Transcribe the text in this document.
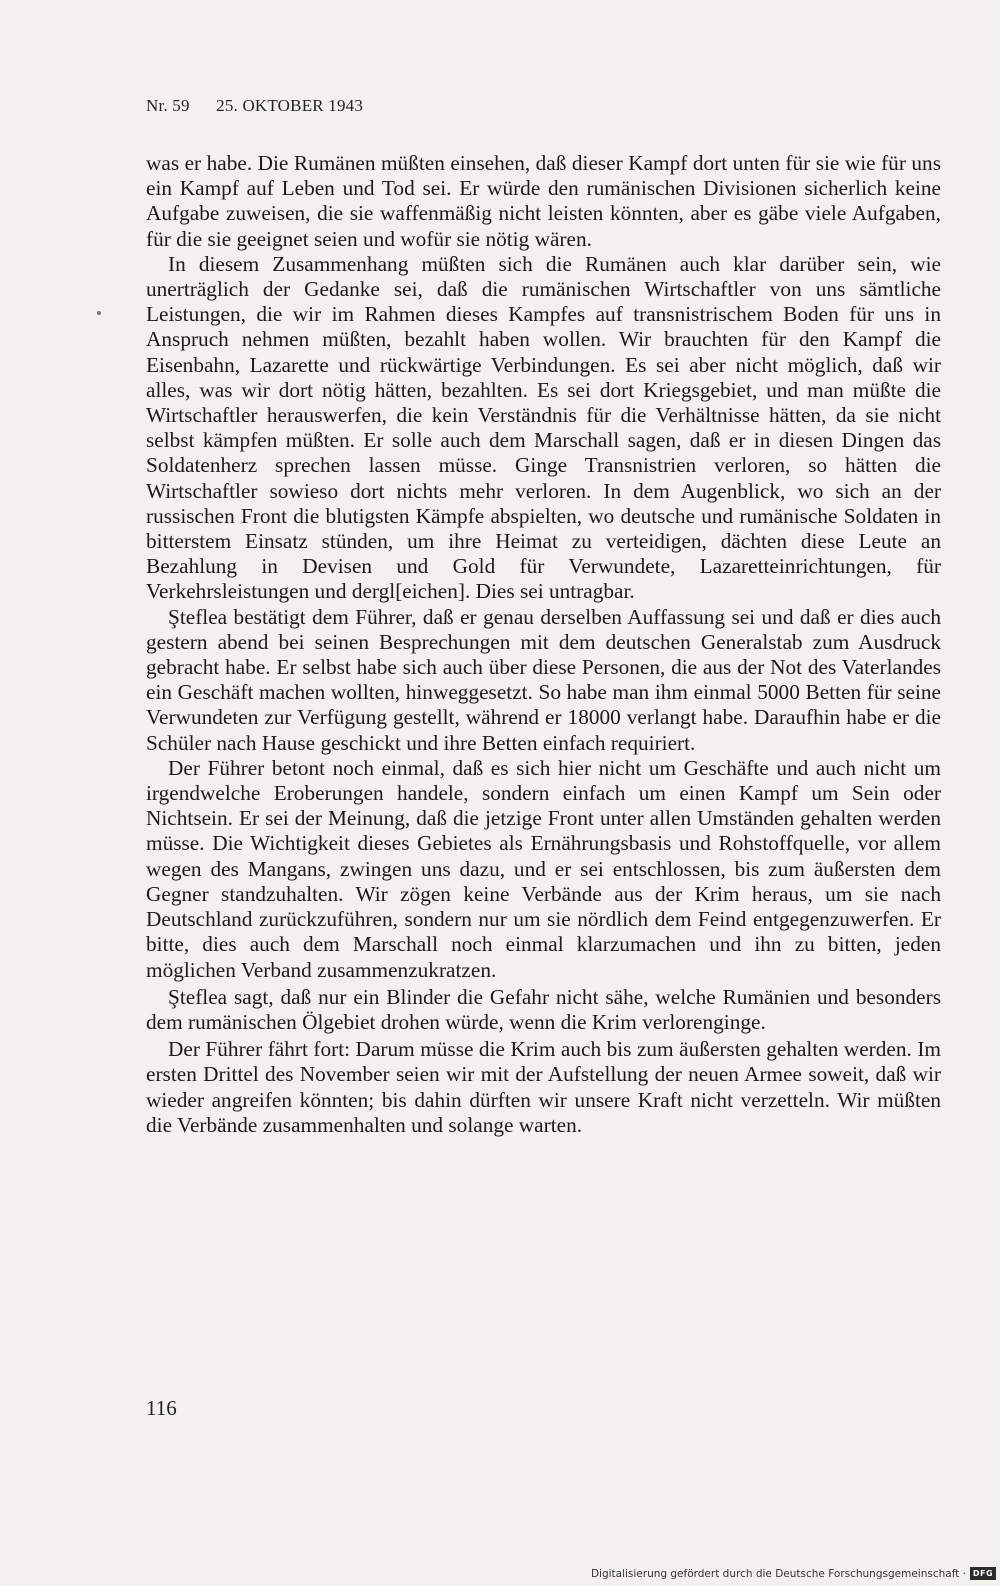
Nr. 59 25. OKTOBER 1943

was er habe. Die Rumänen müßten einsehen, daß dieser Kampf dort unten für sie wie für uns ein Kampf auf Leben und Tod sei. Er würde den rumänischen Divisionen sicherlich keine Aufgabe zuweisen, die sie waffenmäßig nicht leisten könnten, aber es gäbe viele Aufgaben, für die sie geeignet seien und wofür sie nötig wären.

In diesem Zusammenhang müßten sich die Rumänen auch klar darüber sein, wie unerträglich der Gedanke sei, daß die rumänischen Wirtschaftler von uns sämtliche Leistungen, die wir im Rahmen dieses Kampfes auf transnistrischem Boden für uns in Anspruch nehmen müßten, bezahlt haben wollen. Wir brauchten für den Kampf die Eisenbahn, Lazarette und rückwärtige Verbindungen. Es sei aber nicht möglich, daß wir alles, was wir dort nötig hätten, bezahlten. Es sei dort Kriegsgebiet, und man müßte die Wirtschaftler herauswerfen, die kein Verständnis für die Verhältnisse hätten, da sie nicht selbst kämpfen müßten. Er solle auch dem Marschall sagen, daß er in diesen Dingen das Soldatenherz sprechen lassen müsse. Ginge Transnistrien verloren, so hätten die Wirtschaftler sowieso dort nichts mehr verloren. In dem Augenblick, wo sich an der russischen Front die blutigsten Kämpfe abspielten, wo deutsche und rumänische Soldaten in bitterstem Einsatz stünden, um ihre Heimat zu verteidigen, dächten diese Leute an Bezahlung in Devisen und Gold für Verwundete, Lazaretteinrichtungen, für Verkehrsleistungen und dergl[eichen]. Dies sei untragbar.

Şteflea bestätigt dem Führer, daß er genau derselben Auffassung sei und daß er dies auch gestern abend bei seinen Besprechungen mit dem deutschen Generalstab zum Ausdruck gebracht habe. Er selbst habe sich auch über diese Personen, die aus der Not des Vaterlandes ein Geschäft machen wollten, hinweggesetzt. So habe man ihm einmal 5000 Betten für seine Verwundeten zur Verfügung gestellt, während er 18000 verlangt habe. Daraufhin habe er die Schüler nach Hause geschickt und ihre Betten einfach requiriert.

Der Führer betont noch einmal, daß es sich hier nicht um Geschäfte und auch nicht um irgendwelche Eroberungen handele, sondern einfach um einen Kampf um Sein oder Nichtsein. Er sei der Meinung, daß die jetzige Front unter allen Umständen gehalten werden müsse. Die Wichtigkeit dieses Gebietes als Ernährungsbasis und Rohstoffquelle, vor allem wegen des Mangans, zwingen uns dazu, und er sei entschlossen, bis zum äußersten dem Gegner standzuhalten. Wir zögen keine Verbände aus der Krim heraus, um sie nach Deutschland zurückzuführen, sondern nur um sie nördlich dem Feind entgegenzuwerfen. Er bitte, dies auch dem Marschall noch einmal klarzumachen und ihn zu bitten, jeden möglichen Verband zusammenzukratzen.

Şteflea sagt, daß nur ein Blinder die Gefahr nicht sähe, welche Rumänien und besonders dem rumänischen Ölgebiet drohen würde, wenn die Krim verlorenginge.

Der Führer fährt fort: Darum müsse die Krim auch bis zum äußersten gehalten werden. Im ersten Drittel des November seien wir mit der Aufstellung der neuen Armee soweit, daß wir wieder angreifen könnten; bis dahin dürften wir unsere Kraft nicht verzetteln. Wir müßten die Verbände zusammenhalten und solange warten.

116
Digitalisierung gefördert durch die Deutsche Forschungsgemeinschaft · DFG
